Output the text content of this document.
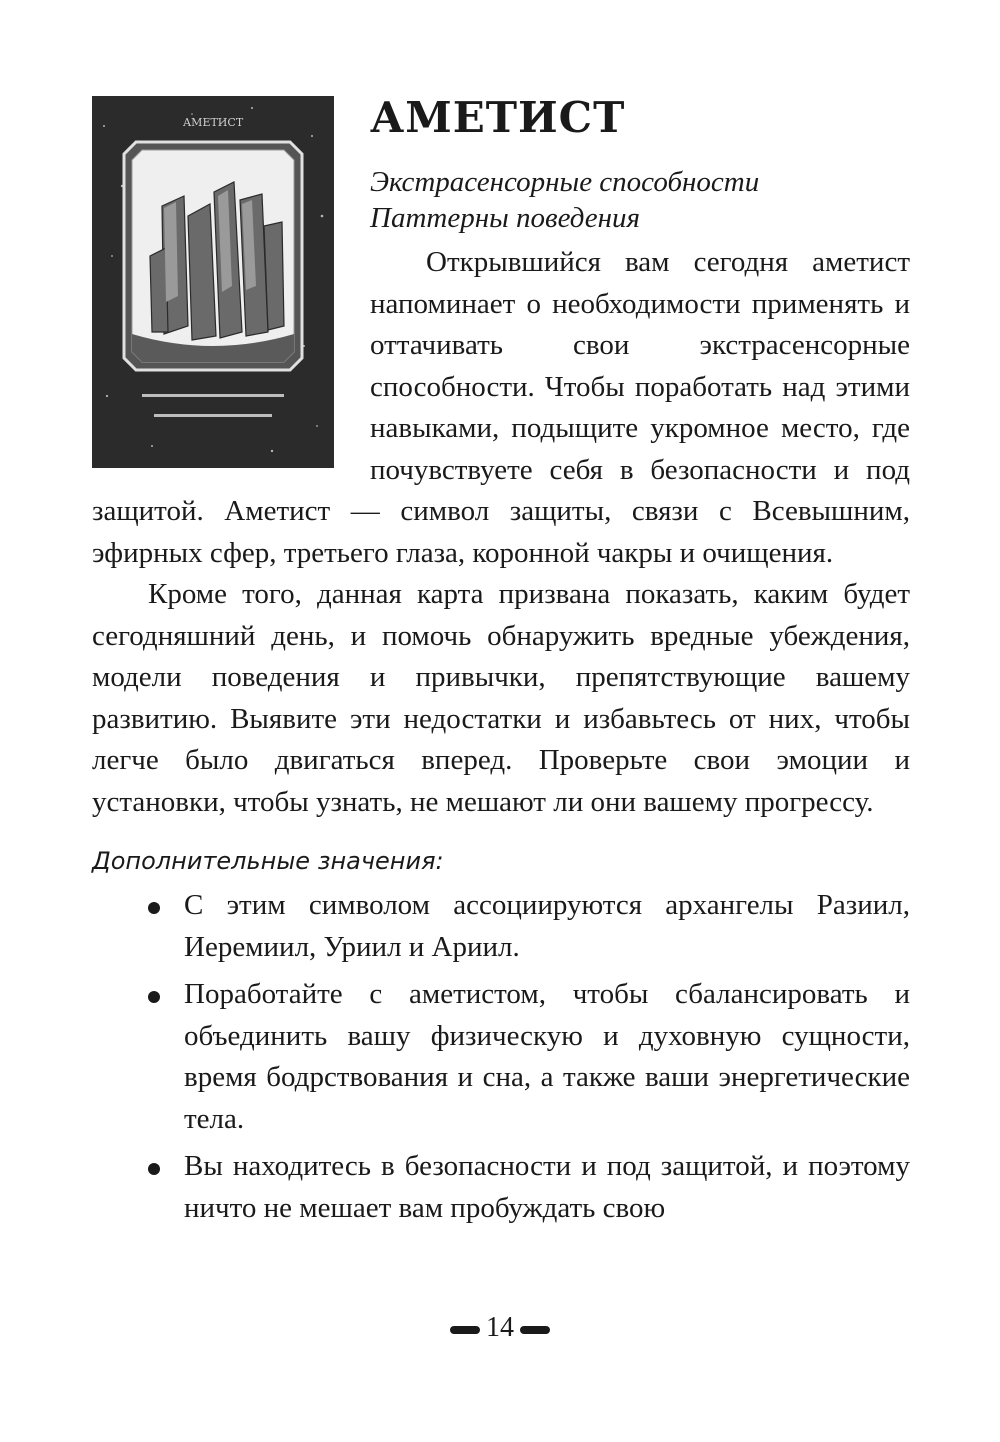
АМЕТИСТ	АМЕТИСТ

Экстрасенсорные способности

Паттерны поведения

Открывшийся вам сегодня аметист напоминает о необходимости применять и оттачивать свои экстрасенсорные способности. Чтобы поработать над этими навыками, подыщите укромное место, где почувствуете себя в безопасности и под защитой. Аметист — символ защиты, связи с Всевышним, эфирных сфер, третьего глаза, коронной чакры и очищения.

Кроме того, данная карта призвана показать, каким будет сегодняшний день, и помочь обнаружить вредные убеждения, модели поведения и привычки, препятствующие вашему развитию. Выявите эти недостатки и избавьтесь от них, чтобы легче было двигаться вперед. Проверьте свои эмоции и установки, чтобы узнать, не мешают ли они вашему прогрессу.

Дополнительные значения:
С этим символом ассоциируются архангелы Разиил, Иеремиил, Уриил и Ариил.
Поработайте с аметистом, чтобы сбалансировать и объединить вашу физическую и духовную сущности, время бодрствования и сна, а также ваши энергетические тела.
Вы находитесь в безопасности и под защитой, и поэтому ничто не мешает вам пробуждать свою
14
